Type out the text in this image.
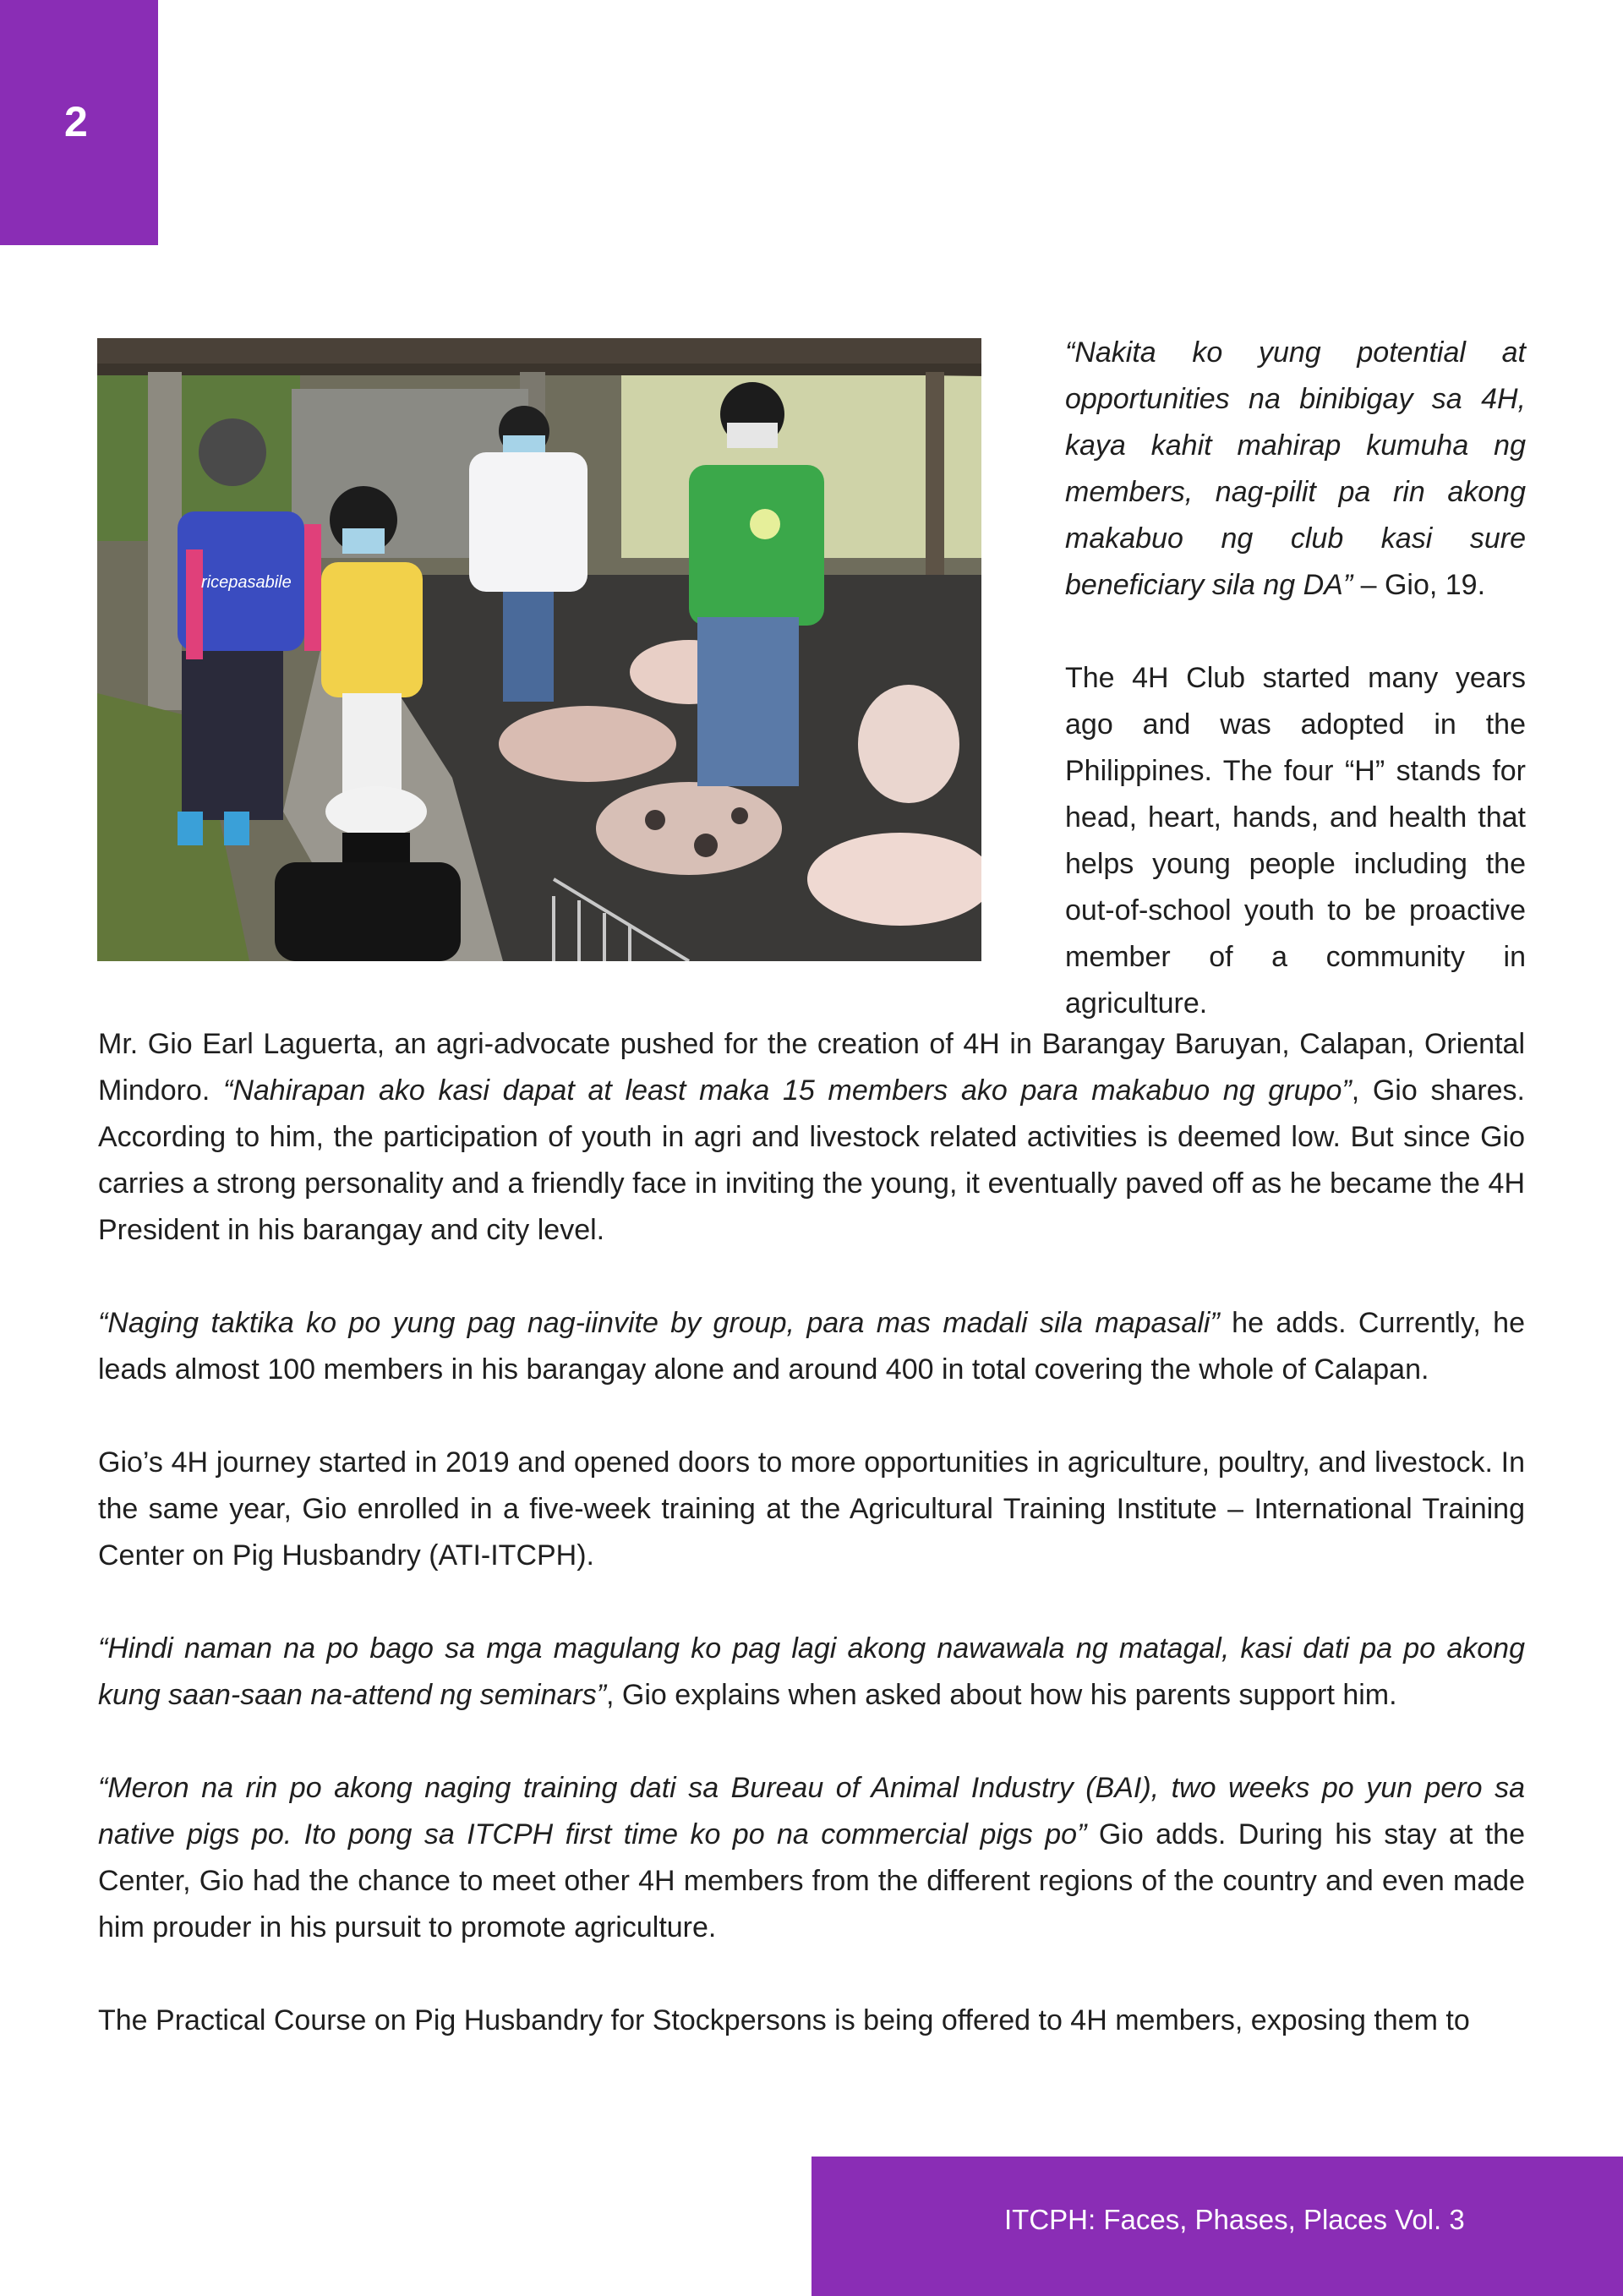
2
ricepasabile

“Nakita ko yung potential at opportunities na binibigay sa 4H, kaya kahit mahirap kumuha ng members, nag-pilit pa rin akong makabuo ng club kasi sure beneficiary sila ng DA” – Gio, 19.

The 4H Club started many years ago and was adopted in the Philippines. The four “H” stands for head, heart, hands, and health that helps young people including the out-of-school youth to be proactive member of a community in agriculture.

Mr. Gio Earl Laguerta, an agri-advocate pushed for the creation of 4H in Barangay Baruyan, Calapan, Oriental Mindoro. “Nahirapan ako kasi dapat at least maka 15 members ako para makabuo ng grupo”, Gio shares. According to him, the participation of youth in agri and livestock related activities is deemed low. But since Gio carries a strong personality and a friendly face in inviting the young, it eventually paved off as he became the 4H President in his barangay and city level.

“Naging taktika ko po yung pag nag-iinvite by group, para mas madali sila mapasali” he adds. Currently, he leads almost 100 members in his barangay alone and around 400 in total covering the whole of Calapan.

Gio’s 4H journey started in 2019 and opened doors to more opportunities in agriculture, poultry, and livestock. In the same year, Gio enrolled in a five-week training at the Agricultural Training Institute – International Training Center on Pig Husbandry (ATI-ITCPH).

“Hindi naman na po bago sa mga magulang ko pag lagi akong nawawala ng matagal, kasi dati pa po akong kung saan-saan na-attend ng seminars”, Gio explains when asked about how his parents support him.

“Meron na rin po akong naging training dati sa Bureau of Animal Industry (BAI), two weeks po yun pero sa native pigs po. Ito pong sa ITCPH first time ko po na commercial pigs po” Gio adds. During his stay at the Center, Gio had the chance to meet other 4H members from the different regions of the country and even made him prouder in his pursuit to promote agriculture.

The Practical Course on Pig Husbandry for Stockpersons is being offered to 4H members, exposing them to

ITCPH: Faces, Phases, Places Vol. 3
